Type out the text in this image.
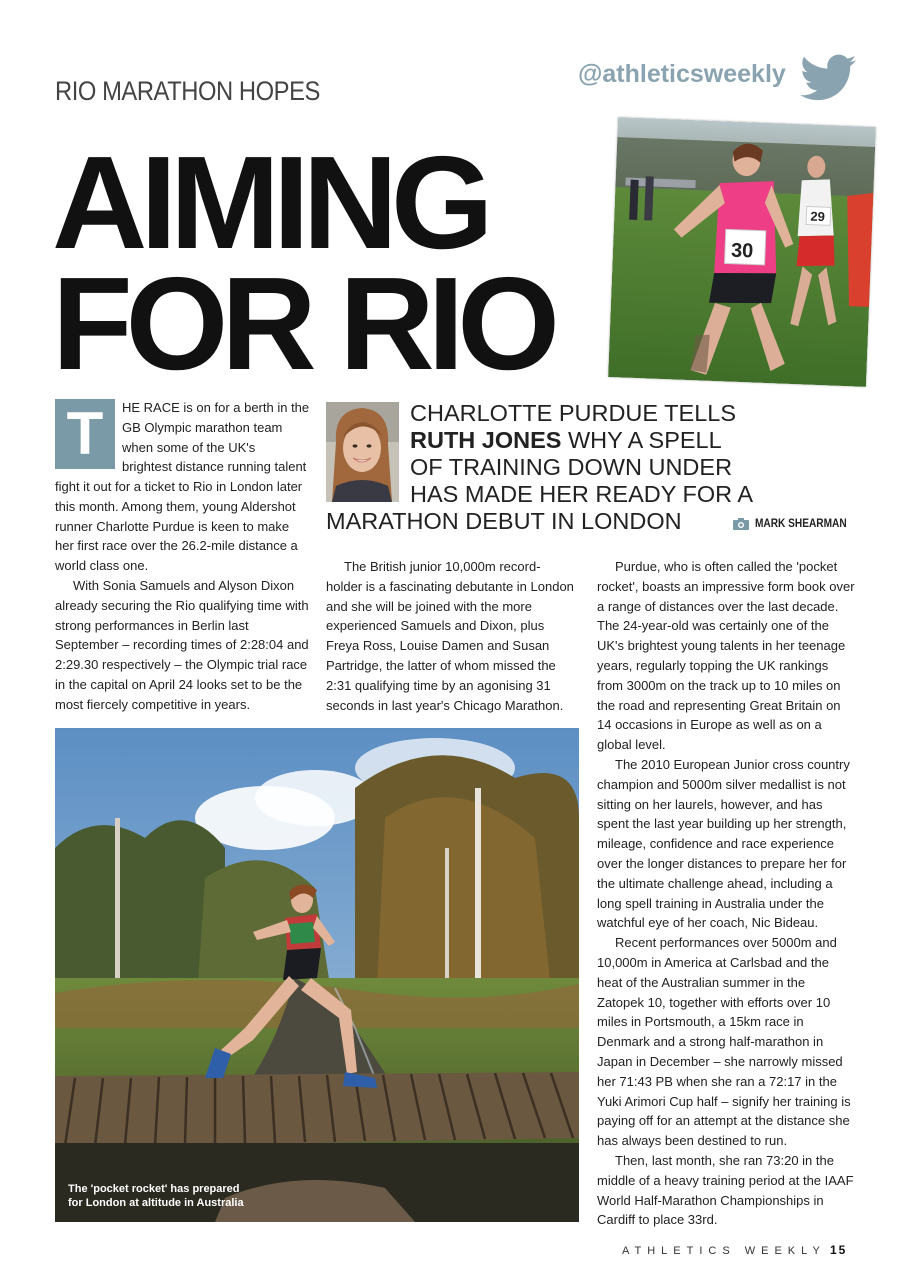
RIO MARATHON HOPES
@athleticsweekly
AIMING
FOR RIO
29
30
T	HE RACE is on for a berth in the
GB Olympic marathon team
when some of the UK's
brightest distance running talent

fight it out for a ticket to Rio in London later this month. Among them, young Aldershot runner Charlotte Purdue is keen to make her first race over the 26.2-mile distance a world class one.

With Sonia Samuels and Alyson Dixon already securing the Rio qualifying time with strong performances in Berlin last September – recording times of 2:28:04 and 2:29.30 respectively – the Olympic trial race in the capital on April 24 looks set to be the most fiercely competitive in years.

CHARLOTTE PURDUE TELLS
RUTH JONES WHY A SPELL
OF TRAINING DOWN UNDER
HAS MADE HER READY FOR A
MARATHON DEBUT IN LONDON	MARK SHEARMAN

The British junior 10,000m record-holder is a fascinating debutante in London and she will be joined with the more experienced Samuels and Dixon, plus Freya Ross, Louise Damen and Susan Partridge, the latter of whom missed the 2:31 qualifying time by an agonising 31 seconds in last year's Chicago Marathon.

Purdue, who is often called the 'pocket rocket', boasts an impressive form book over a range of distances over the last decade. The 24-year-old was certainly one of the UK's brightest young talents in her teenage years, regularly topping the UK rankings from 3000m on the track up to 10 miles on the road and representing Great Britain on 14 occasions in Europe as well as on a global level.

The 2010 European Junior cross country champion and 5000m silver medallist is not sitting on her laurels, however, and has spent the last year building up her strength, mileage, confidence and race experience over the longer distances to prepare her for the ultimate challenge ahead, including a long spell training in Australia under the watchful eye of her coach, Nic Bideau.

Recent performances over 5000m and 10,000m in America at Carlsbad and the heat of the Australian summer in the Zatopek 10, together with efforts over 10 miles in Portsmouth, a 15km race in Denmark and a strong half-marathon in Japan in December – she narrowly missed her 71:43 PB when she ran a 72:17 in the Yuki Arimori Cup half – signify her training is paying off for an attempt at the distance she has always been destined to run.

Then, last month, she ran 73:20 in the middle of a heavy training period at the IAAF World Half-Marathon Championships in Cardiff to place 33rd.

The 'pocket rocket' has prepared
for London at altitude in Australia
ATHLETICS WEEKLY 15
